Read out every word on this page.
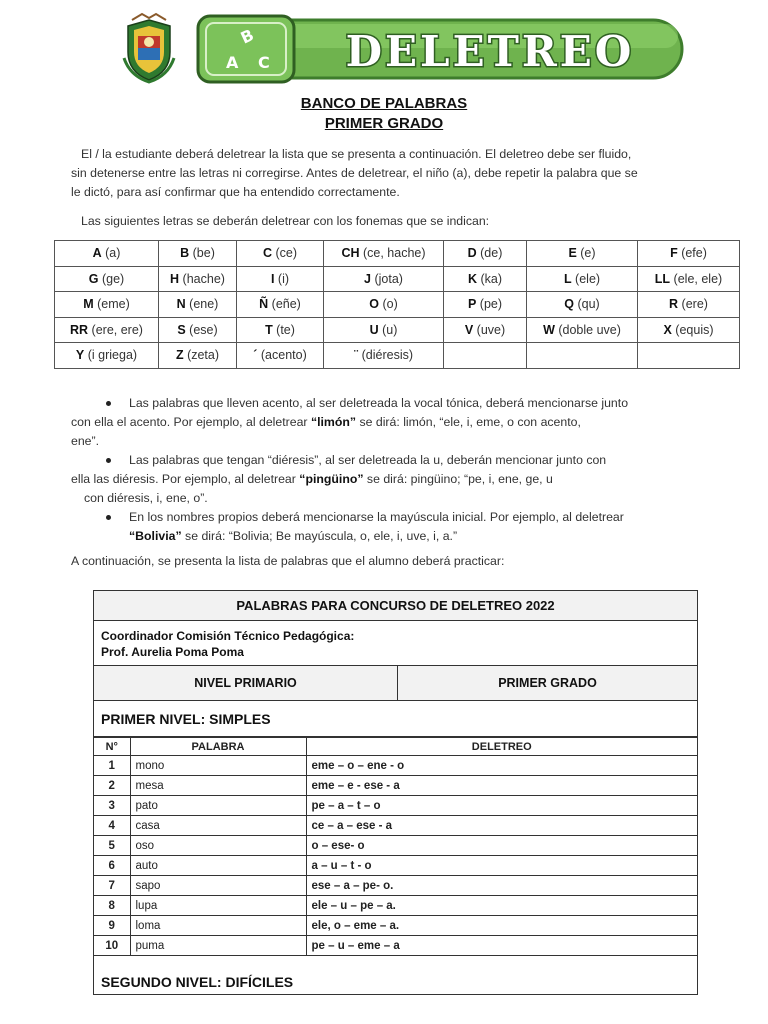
B
A C DELETREO
BANCO DE PALABRAS
PRIMER GRADO
El / la estudiante deberá deletrear la lista que se presenta a continuación. El deletreo debe ser fluido,
sin detenerse entre las letras ni corregirse. Antes de deletrear, el niño (a), debe repetir la palabra que se
le dictó, para así confirmar que ha entendido correctamente.
Las siguientes letras se deberán deletrear con los fonemas que se indican:
A (a)	B (be)	C (ce)	CH (ce, hache)	D (de)	E (e)	F (efe)
G (ge)	H (hache)	I (i)	J (jota)	K (ka)	L (ele)	LL (ele, ele)
M (eme)	N (ene)	Ñ (eñe)	O (o)	P (pe)	Q (qu)	R (ere)
RR (ere, ere)	S (ese)	T (te)	U (u)	V (uve)	W (doble uve)	X (equis)
Y (i griega)	Z (zeta)	´ (acento)	¨ (diéresis)			
Las palabras que lleven acento, al ser deletreada la vocal tónica, deberá mencionarse junto
con ella el acento. Por ejemplo, al deletrear “limón” se dirá: limón, “ele, i, eme, o con acento,
ene”.
Las palabras que tengan “diéresis”, al ser deletreada la u, deberán mencionar junto con
ella las diéresis. Por ejemplo, al deletrear “pingüino” se dirá: pingüino; “pe, i, ene, ge, u
con diéresis, i, ene, o”.
En los nombres propios deberá mencionarse la mayúscula inicial. Por ejemplo, al deletrear
“Bolivia” se dirá: “Bolivia; Be mayúscula, o, ele, i, uve, i, a.”
A continuación, se presenta la lista de palabras que el alumno deberá practicar:
PALABRAS PARA CONCURSO DE DELETREO 2022
Coordinador Comisión Técnico Pedagógica:
Prof. Aurelia Poma Poma
NIVEL PRIMARIO	PRIMER GRADO
PRIMER NIVEL: SIMPLES
N°	PALABRA	DELETREO
1	mono	eme – o – ene - o
2	mesa	eme – e - ese - a
3	pato	pe – a – t – o
4	casa	ce – a – ese - a
5	oso	o – ese- o
6	auto	a – u – t - o
7	sapo	ese – a – pe- o.
8	lupa	ele – u – pe – a.
9	loma	ele, o – eme – a.
10	puma	pe – u – eme – a
SEGUNDO NIVEL: DIFÍCILES
